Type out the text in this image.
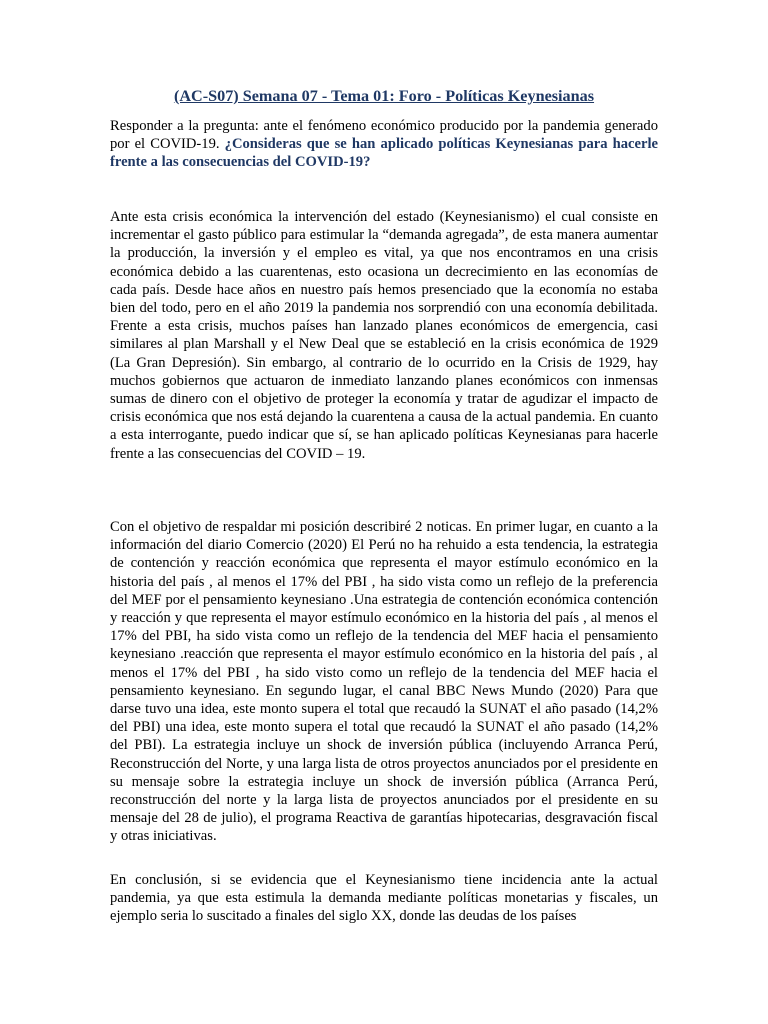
(AC-S07) Semana 07 - Tema 01: Foro - Políticas Keynesianas

Responder a la pregunta: ante el fenómeno económico producido por la pandemia generado por el COVID-19. ¿Consideras que se han aplicado políticas Keynesianas para hacerle frente a las consecuencias del COVID-19?

Ante esta crisis económica la intervención del estado (Keynesianismo) el cual consiste en incrementar el gasto público para estimular la “demanda agregada”, de esta manera aumentar la producción, la inversión y el empleo es vital, ya que nos encontramos en una crisis económica debido a las cuarentenas, esto ocasiona un decrecimiento en las economías de cada país. Desde hace años en nuestro país hemos presenciado que la economía no estaba bien del todo, pero en el año 2019 la pandemia nos sorprendió con una economía debilitada. Frente a esta crisis, muchos países han lanzado planes económicos de emergencia, casi similares al plan Marshall y el New Deal que se estableció en la crisis económica de 1929 (La Gran Depresión). Sin embargo, al contrario de lo ocurrido en la Crisis de 1929, hay muchos gobiernos que actuaron de inmediato lanzando planes económicos con inmensas sumas de dinero con el objetivo de proteger la economía y tratar de agudizar el impacto de crisis económica que nos está dejando la cuarentena a causa de la actual pandemia. En cuanto a esta interrogante, puedo indicar que sí, se han aplicado políticas Keynesianas para hacerle frente a las consecuencias del COVID – 19.

Con el objetivo de respaldar mi posición describiré 2 noticas. En primer lugar, en cuanto a la información del diario Comercio (2020) El Perú no ha rehuido a esta tendencia, la estrategia de contención y reacción económica que representa el mayor estímulo económico en la historia del país , al menos el 17% del PBI , ha sido vista como un reflejo de la preferencia del MEF por el pensamiento keynesiano .Una estrategia de contención económica contención y reacción y que representa el mayor estímulo económico en la historia del país , al menos el 17% del PBI, ha sido vista como un reflejo de la tendencia del MEF hacia el pensamiento keynesiano .reacción que representa el mayor estímulo económico en la historia del país , al menos el 17% del PBI , ha sido visto como un reflejo de la tendencia del MEF hacia el pensamiento keynesiano. En segundo lugar, el canal BBC News Mundo (2020) Para que darse tuvo una idea, este monto supera el total que recaudó la SUNAT el año pasado (14,2% del PBI) una idea, este monto supera el total que recaudó la SUNAT el año pasado (14,2% del PBI). La estrategia incluye un shock de inversión pública (incluyendo Arranca Perú, Reconstrucción del Norte, y una larga lista de otros proyectos anunciados por el presidente en su mensaje sobre la estrategia incluye un shock de inversión pública (Arranca Perú, reconstrucción del norte y la larga lista de proyectos anunciados por el presidente en su mensaje del 28 de julio), el programa Reactiva de garantías hipotecarias, desgravación fiscal y otras iniciativas.

En conclusión, si se evidencia que el Keynesianismo tiene incidencia ante la actual pandemia, ya que esta estimula la demanda mediante políticas monetarias y fiscales, un ejemplo seria lo suscitado a finales del siglo XX, donde las deudas de los países
